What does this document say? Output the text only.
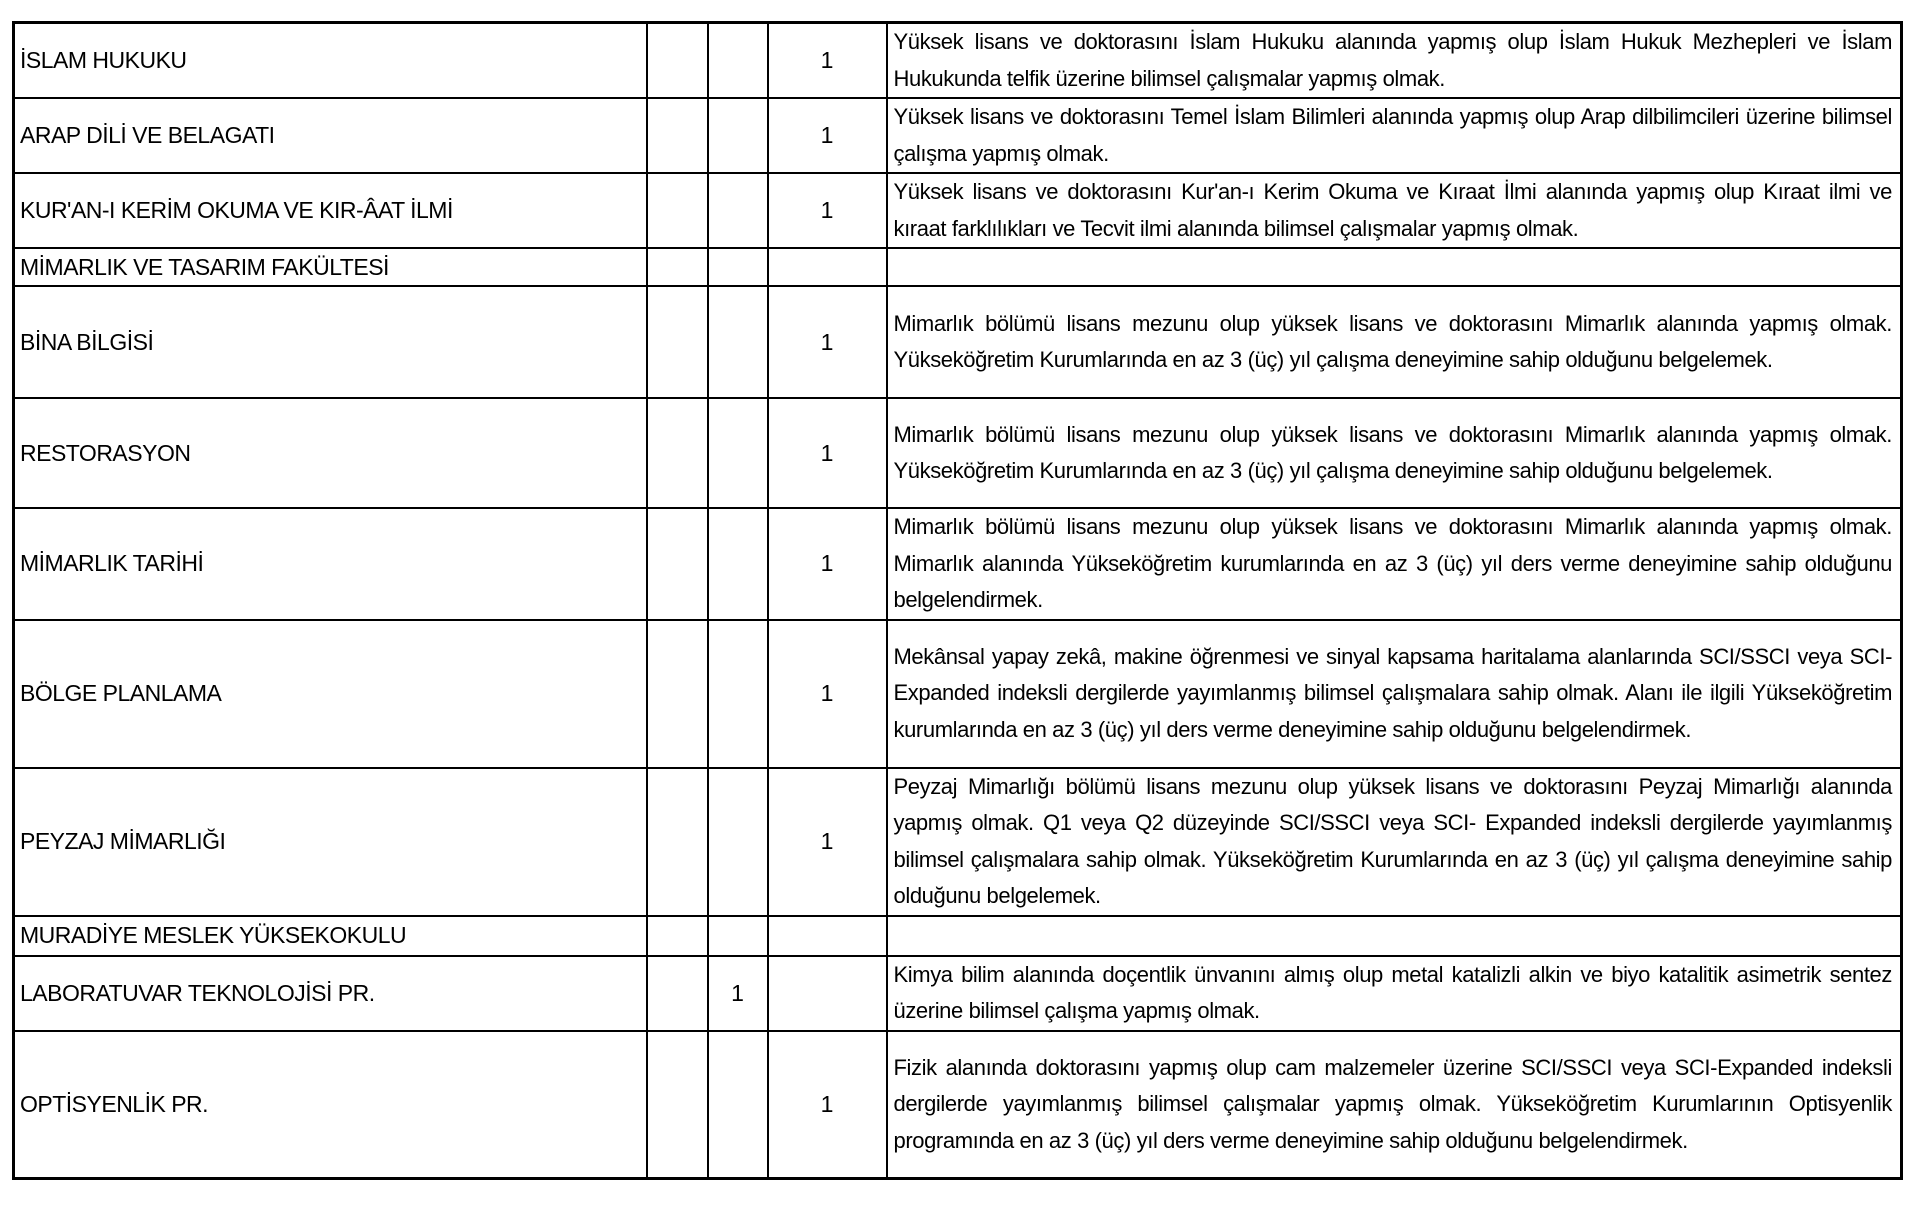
İSLAM HUKUKU			1	Yüksek lisans ve doktorasını İslam Hukuku alanında yapmış olup İslam Hukuk Mezhepleri ve İslam Hukukunda telfik üzerine bilimsel çalışmalar yapmış olmak.
ARAP DİLİ VE BELAGATI			1	Yüksek lisans ve doktorasını Temel İslam Bilimleri alanında yapmış olup Arap dilbilimcileri üzerine bilimsel çalışma yapmış olmak.
KUR'AN-I KERİM OKUMA VE KIR-ÂAT İLMİ			1	Yüksek lisans ve doktorasını Kur'an-ı Kerim Okuma ve Kıraat İlmi alanında yapmış olup Kıraat ilmi ve kıraat farklılıkları ve Tecvit ilmi alanında bilimsel çalışmalar yapmış olmak.
MİMARLIK VE TASARIM FAKÜLTESİ				
BİNA BİLGİSİ			1	Mimarlık bölümü lisans mezunu olup yüksek lisans ve doktorasını Mimarlık alanında yapmış olmak. Yükseköğretim Kurumlarında en az 3 (üç) yıl çalışma deneyimine sahip olduğunu belgelemek.
RESTORASYON			1	Mimarlık bölümü lisans mezunu olup yüksek lisans ve doktorasını Mimarlık alanında yapmış olmak. Yükseköğretim Kurumlarında en az 3 (üç) yıl çalışma deneyimine sahip olduğunu belgelemek.
MİMARLIK TARİHİ			1	Mimarlık bölümü lisans mezunu olup yüksek lisans ve doktorasını Mimarlık alanında yapmış olmak. Mimarlık alanında Yükseköğretim kurumlarında en az 3 (üç) yıl ders verme deneyimine sahip olduğunu belgelendirmek.
BÖLGE PLANLAMA			1	Mekânsal yapay zekâ, makine öğrenmesi ve sinyal kapsama haritalama alanlarında SCI/SSCI veya SCI-Expanded indeksli dergilerde yayımlanmış bilimsel çalışmalara sahip olmak. Alanı ile ilgili Yükseköğretim kurumlarında en az 3 (üç) yıl ders verme deneyimine sahip olduğunu belgelendirmek.
PEYZAJ MİMARLIĞI			1	Peyzaj Mimarlığı bölümü lisans mezunu olup yüksek lisans ve doktorasını Peyzaj Mimarlığı alanında yapmış olmak. Q1 veya Q2 düzeyinde SCI/SSCI veya SCI- Expanded indeksli dergilerde yayımlanmış bilimsel çalışmalara sahip olmak. Yükseköğretim Kurumlarında en az 3 (üç) yıl çalışma deneyimine sahip olduğunu belgelemek.
MURADİYE MESLEK YÜKSEKOKULU				
LABORATUVAR TEKNOLOJİSİ PR.		1		Kimya bilim alanında doçentlik ünvanını almış olup metal katalizli alkin ve biyo katalitik asimetrik sentez üzerine bilimsel çalışma yapmış olmak.
OPTİSYENLİK PR.			1	Fizik alanında doktorasını yapmış olup cam malzemeler üzerine SCI/SSCI veya SCI-Expanded indeksli dergilerde yayımlanmış bilimsel çalışmalar yapmış olmak. Yükseköğretim Kurumlarının Optisyenlik programında en az 3 (üç) yıl ders verme deneyimine sahip olduğunu belgelendirmek.
